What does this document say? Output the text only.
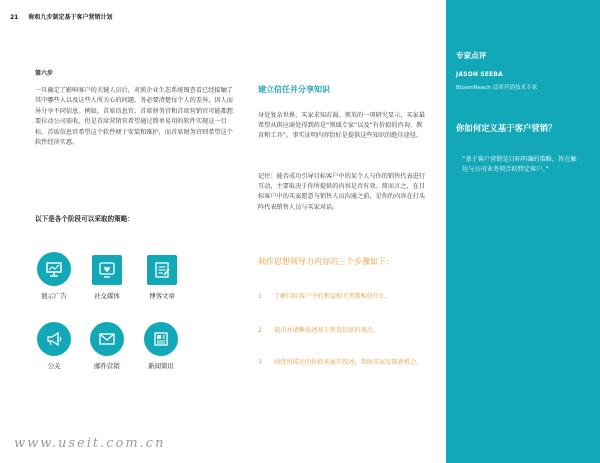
21 称和九步制定基于客户营销计划
第六步
一旦确定了影响客户的关键人员后，对照企业生态系统图查看已经接触了其中哪些人以及这些人所关心的问题。务必要清楚每个人的差异，因人而异分享不同信息。例如，首席信息官、首席财务官和首席营销官可能都想要拉动公司需收，但是首席营销官希望通过简单易用的软件实现这一目标，首席信息官希望这个软件便于安装和维护，而首席财务官则希望这个软件经济实惠。
以下是各个阶段可以采取的策略：
展示广告	社交媒体	博客文章
公关	邮件营销	新闻简讯
建立信任并分享知识
身处复杂世界，买家求知若渴。领英的一项研究显示，买家最希望从供应商处得到的是“领域专家”以及“有价值的咨询、教育和工具”。事实证明内容恰好是提供这些知识的绝佳途径。
记住：能否成功引导目标客户中的某个人与你的销售代表进行互动，主要取决于你所提供的内容是否有效。简而言之，在目标客户中的买家愿意与销售人员沟通之前，是你的内容在打头阵代表销售人员与买家对话。
制作思想领导力内容的三个步骤如下:
1 了解目标客户中的利益相关者都相信什么。
2 提出并清晰表述基于预设信息的观点。
3 围绕所传达的价值来展开叙述，帮助买家发现新机会。
专家点评
JASON SEEBA
BloomReach 首席营销技术专家
你如何定义基于客户营销？
“基于客户营销是目标明确的策略，旨在触达与公司业务契合的特定客户。”
www.useit.com.cn
